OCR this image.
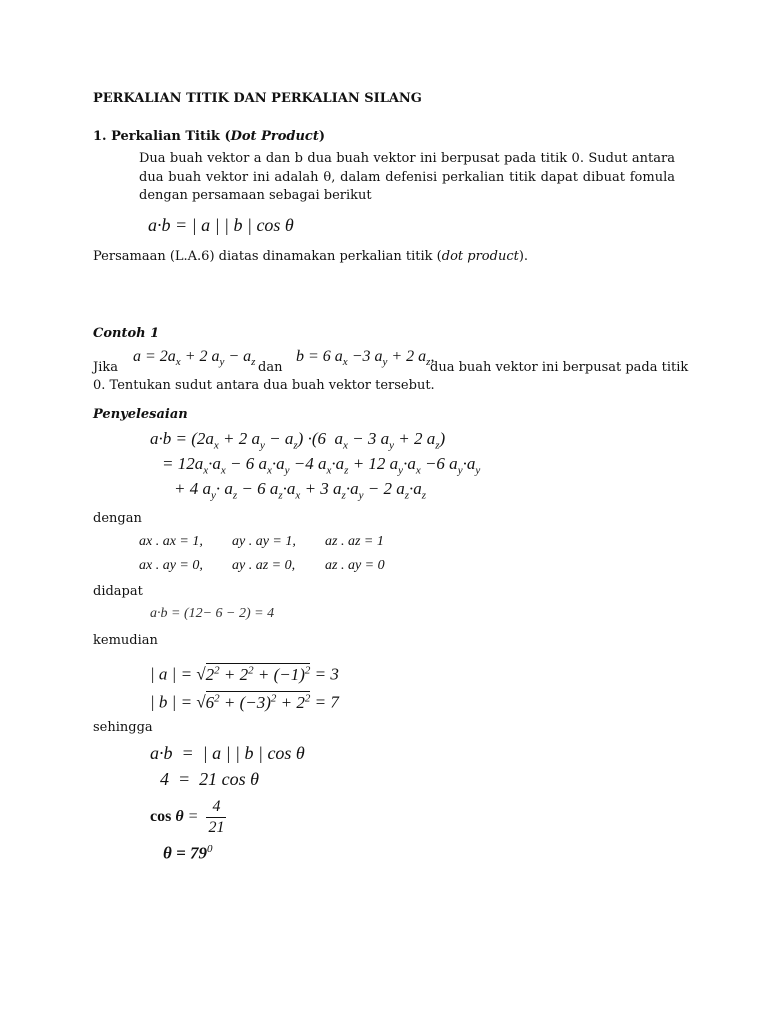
PERKALIAN TITIK DAN PERKALIAN SILANG
1. Perkalian Titik (Dot Product)

Dua buah vektor a dan b dua buah vektor ini berpusat pada titik 0. Sudut antara dua buah vektor ini adalah θ, dalam defenisi perkalian titik dapat dibuat fomula dengan persamaan sebagai berikut

a·b = | a | | b | cos θ
Persamaan (L.A.6) diatas dinamakan perkalian titik (dot product).
Contoh 1
Jika
$a = 2a_x + 2$ $a_y - a_z$ dan
b = 6 $a_x -3$ $a_y + 2$ $a_z$,
dua buah vektor ini berpusat pada titik
0. Tentukan sudut antara dua buah vektor tersebut.
Penyelesaian
$a\cdot b = (2a_x + 2$ $a_y - a_z) \cdot(6$  $a_x - 3$ $a_y + 2$ $a_z$)
= $12a_x\cdot a_x - 6$ $a_x\cdot a_y -4$ $a_x\cdot a_z + 12$ $a_y\cdot a_x -6$ $a_y\cdot a_y$
+ 4 $a_y\cdot a_z - 6$ $a_z\cdot a_x + 3$ $a_z\cdot a_y - 2$ $a_z\cdot a_z$
dengan
ax . ax = 1, ay . ay = 1, az . az = 1
ax . ay = 0, ay . az = 0, az . ay = 0
didapat
a·b = (12− 6 − 2) = 4
kemudian
| a | = $√2^2 + 2^2 + (-1)^2 = 3$
| b | = $√6^2 + (-3)^2 + 2^2 = 7$
sehingga
a·b  =  | a | | b | cos θ
4  =  21 cos θ
$\cos \theta = \frac{4}{21}$
$\theta = 79^0$
